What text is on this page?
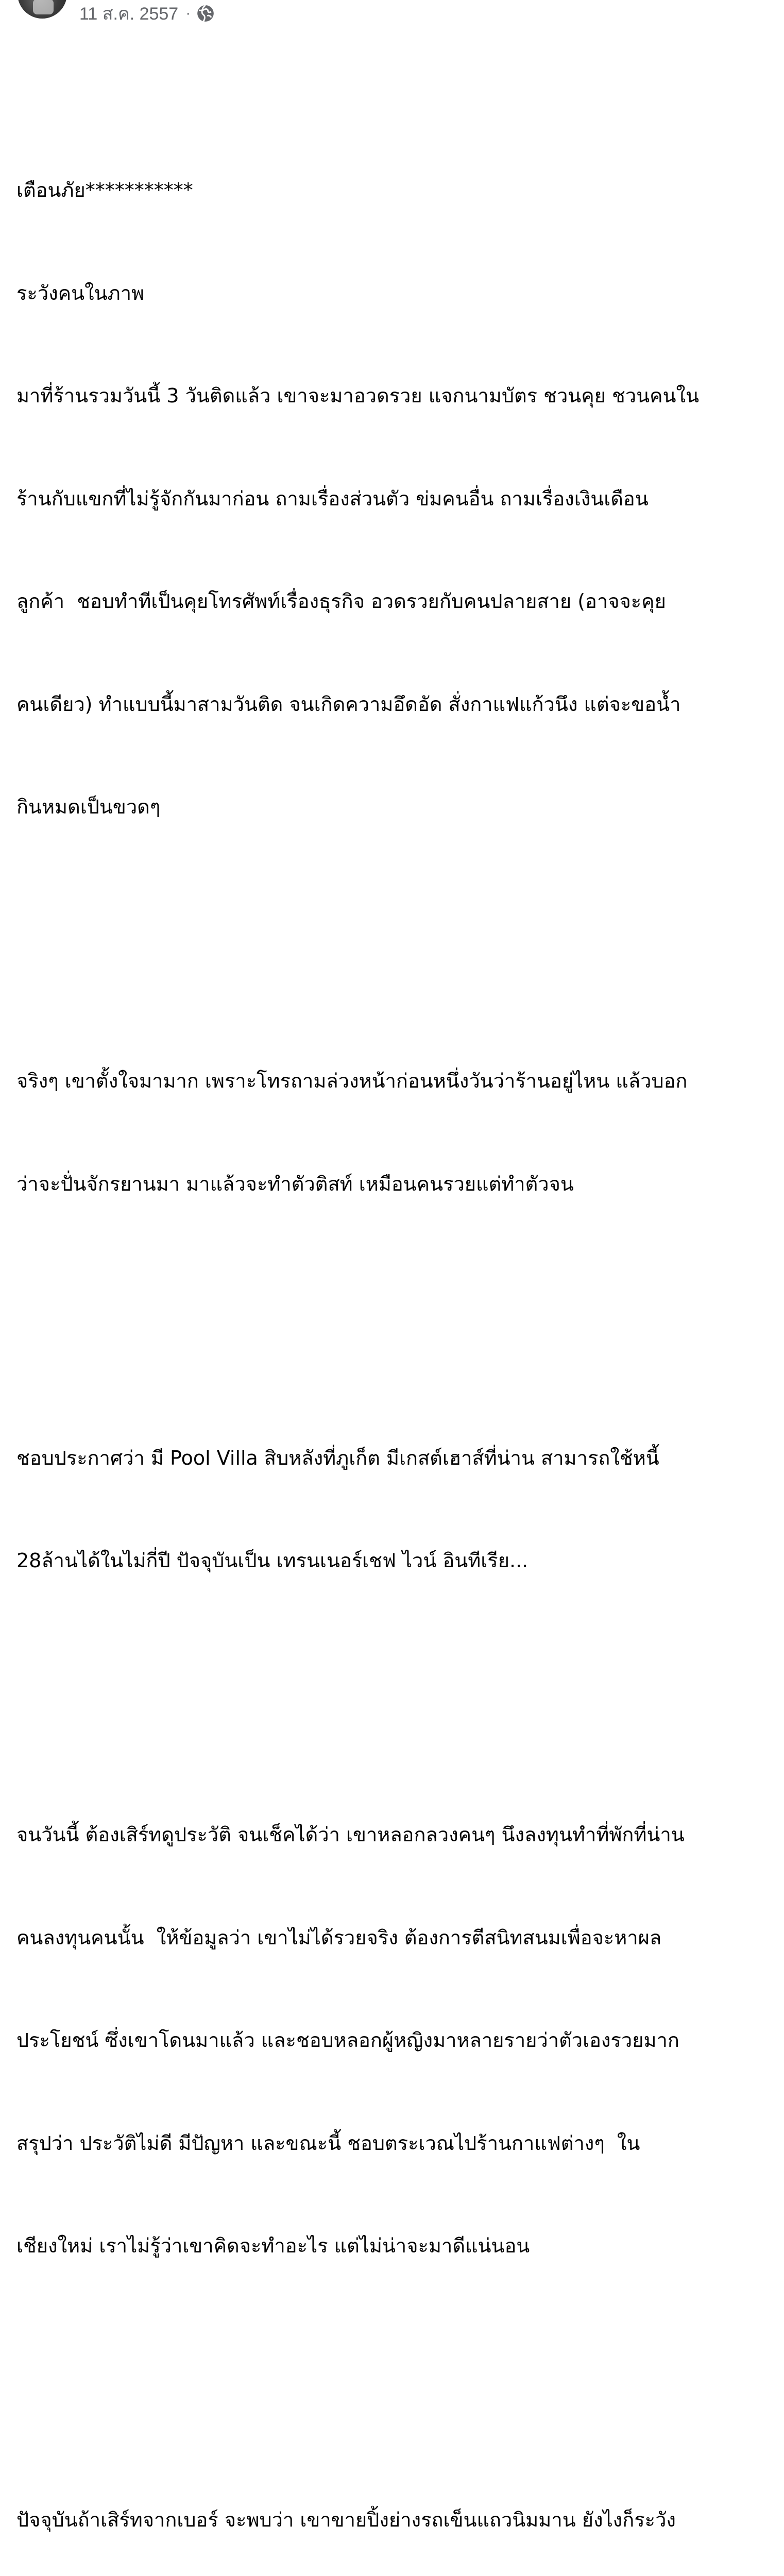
11 ส.ค. 2557 ·

เตือนภัย***********

ระวังคนในภาพ

มาที่ร้านรวมวันนี้ 3 วันติดแล้ว เขาจะมาอวดรวย แจกนามบัตร ชวนคุย ชวนคนใน

ร้านกับแขกที่ไม่รู้จักกันมาก่อน ถามเรื่องส่วนตัว ข่มคนอื่น ถามเรื่องเงินเดือน

ลูกค้า  ชอบทำทีเป็นคุยโทรศัพท์เรื่องธุรกิจ อวดรวยกับคนปลายสาย (อาจจะคุย

คนเดียว) ทำแบบนี้มาสามวันติด จนเกิดความอึดอัด สั่งกาแฟแก้วนึง แต่จะขอน้ำ

กินหมดเป็นขวดๆ

จริงๆ เขาตั้งใจมามาก เพราะโทรถามล่วงหน้าก่อนหนึ่งวันว่าร้านอยู่ไหน แล้วบอก

ว่าจะปั่นจักรยานมา มาแล้วจะทำตัวติสท์ เหมือนคนรวยแต่ทำตัวจน

ชอบประกาศว่า มี Pool Villa สิบหลังที่ภูเก็ต มีเกสต์เฮาส์ที่น่าน สามารถใช้หนี้

28ล้านได้ในไม่กี่ปี ปัจจุบันเป็น เทรนเนอร์เชฟ ไวน์ อินทีเรีย...

จนวันนี้ ต้องเสิร์ทดูประวัติ จนเช็คได้ว่า เขาหลอกลวงคนๆ นึงลงทุนทำที่พักที่น่าน

คนลงทุนคนนั้น  ให้ข้อมูลว่า เขาไม่ได้รวยจริง ต้องการตีสนิทสนมเพื่อจะหาผล

ประโยชน์ ซึ่งเขาโดนมาแล้ว และชอบหลอกผู้หญิงมาหลายรายว่าตัวเองรวยมาก

สรุปว่า ประวัติไม่ดี มีปัญหา และขณะนี้ ชอบตระเวณไปร้านกาแฟต่างๆ  ใน

เชียงใหม่ เราไม่รู้ว่าเขาคิดจะทำอะไร แต่ไม่น่าจะมาดีแน่นอน

ปัจจุบันถ้าเสิร์ทจากเบอร์ จะพบว่า เขาขายปิ้งย่างรถเข็นแถวนิมมาน ยังไงก็ระวัง
